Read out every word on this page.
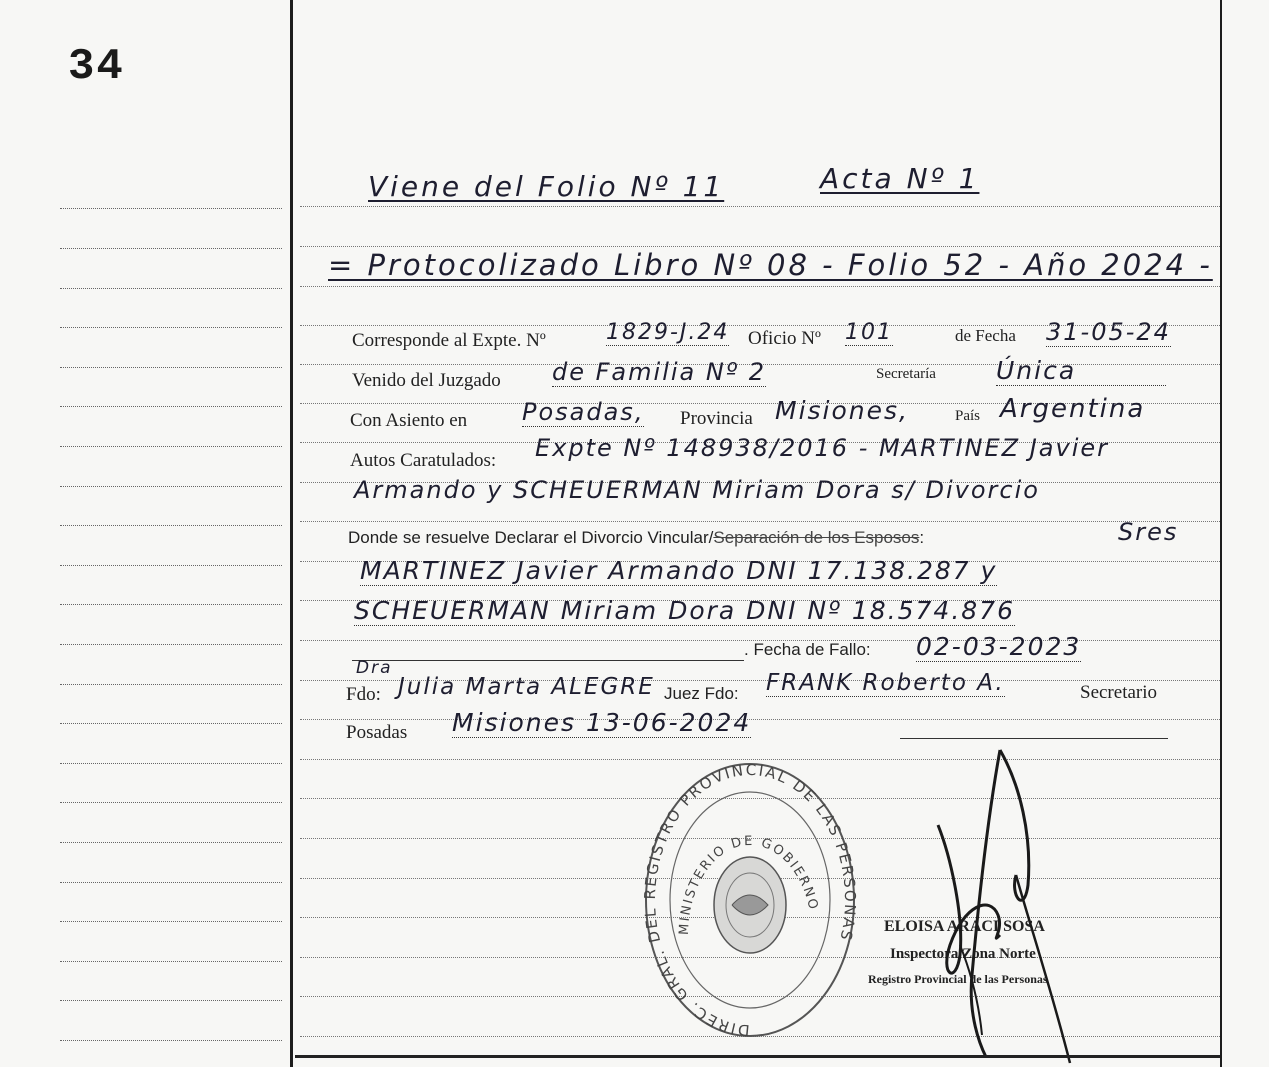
34
Viene del Folio Nº 11	Acta Nº 1
= Protocolizado Libro Nº 08 - Folio 52 - Año 2024 -
Corresponde al Expte. Nº	1829-J.24 Oficio Nº 101	de Fecha 31-05-24
Venido del Juzgado de Familia Nº 2	Secretaría Única
Con Asiento en Posadas, Provincia Misiones,	País Argentina
Autos Caratulados: Expte Nº 148938/2016 - MARTINEZ Javier
Armando y SCHEUERMAN Miriam Dora s/ Divorcio
Donde se resuelve Declarar el Divorcio Vincular/Separación de los Esposos:	Sres
MARTINEZ Javier Armando DNI 17.138.287 y
SCHEUERMAN Miriam Dora DNI Nº 18.574.876
. Fecha de Fallo: 02-03-2023
Dra
Fdo: Julia Marta ALEGRE Juez Fdo: FRANK Roberto A.	Secretario
Posadas Misiones 13-06-2024
DIREC. GRAL. DEL REGISTRO PROVINCIAL DE LAS PERSONAS
MINISTERIO DE GOBIERNO
ELOISA ARACI SOSA
Inspectora Zona Norte
Registro Provincial de las Personas
